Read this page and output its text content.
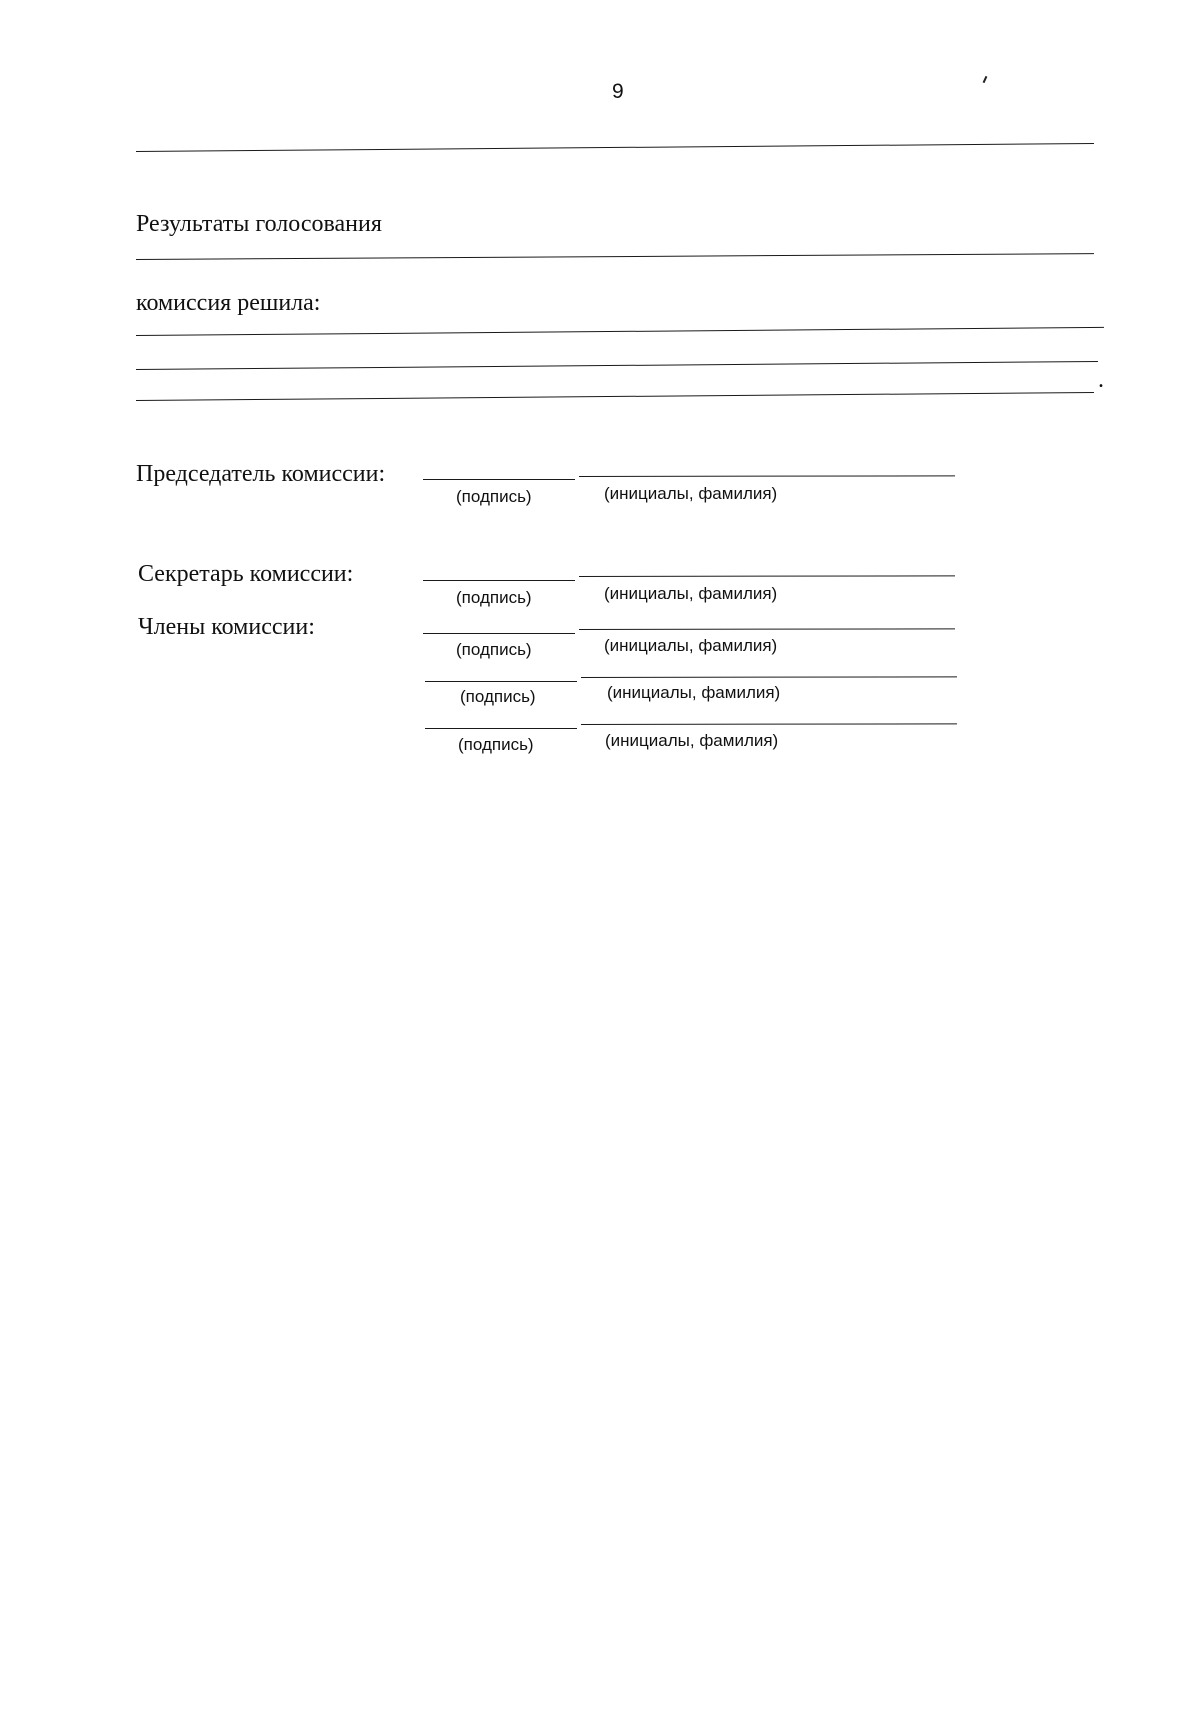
9
Результаты голосования
комиссия решила:
.
Председатель комиссии:
(подпись)	(инициалы, фамилия)
Секретарь комиссии:
(подпись)	(инициалы, фамилия)
Члены комиссии:
(подпись)	(инициалы, фамилия)
(подпись)	(инициалы, фамилия)
(подпись)	(инициалы, фамилия)
